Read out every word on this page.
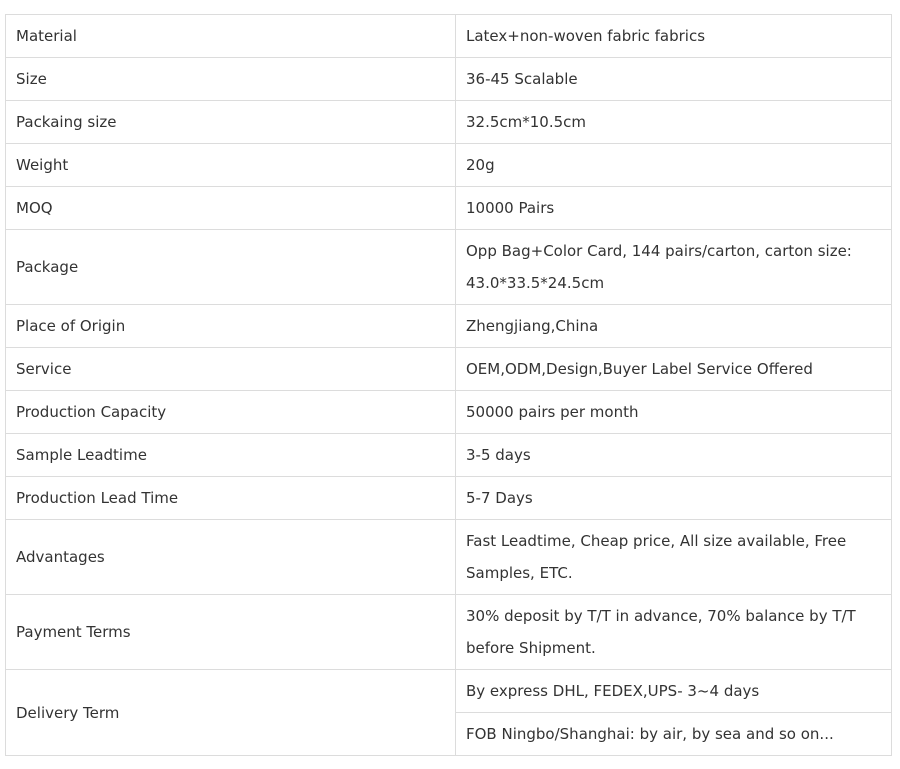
Material	Latex+non-woven fabric fabrics
Size	36-45 Scalable
Packaing size	32.5cm*10.5cm
Weight	20g
MOQ	10000 Pairs
Package	Opp Bag+Color Card, 144 pairs/carton, carton size: 43.0*33.5*24.5cm
Place of Origin	Zhengjiang,China
Service	OEM,ODM,Design,Buyer Label Service Offered
Production Capacity	50000 pairs per month
Sample Leadtime	3-5 days
Production Lead Time	5-7 Days
Advantages	Fast Leadtime, Cheap price, All size available, Free Samples, ETC.
Payment Terms	30% deposit by T/T in advance, 70% balance by T/T before Shipment.
Delivery Term	By express DHL, FEDEX,UPS- 3~4 days
	FOB Ningbo/Shanghai: by air, by sea and so on...
